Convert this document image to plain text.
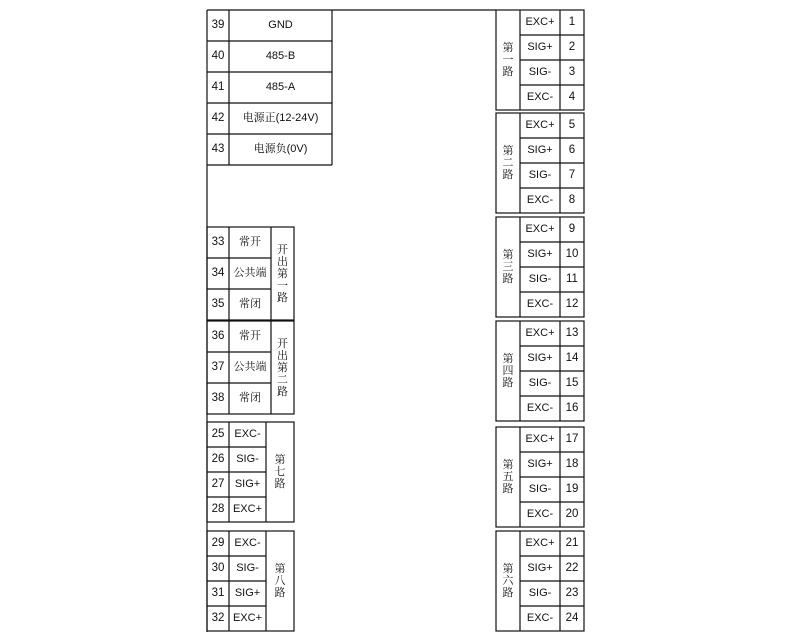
39	GND
40	485-B
41	485-A
42	电源正(12-24V)
43	电源负(0V)
33	常开
34 公共端
35	常闭
开
出
第
一
路
36	常开
37 公共端
38	常闭
开
出
第
二
路
25 EXC-
26	SIG-
27 SIG+
28 EXC+
第
七
路
29 EXC-
30	SIG-
31 SIG+
32 EXC+
第
八
路
EXC+	1
SIG+	2
SIG-	3
EXC-	4
第
一
路
EXC+	5
SIG+	6
SIG-	7
EXC-	8
第
二
路
EXC+	9
SIG+	10
SIG-	11
EXC-	12
第
三
路
EXC+ 13
SIG+	14
SIG-	15
EXC-	16
第
四
路
EXC+ 17
SIG+	18
SIG-	19
EXC-	20
第
五
路
EXC+ 21
SIG+	22
SIG-	23
EXC-	24
第
六
路
